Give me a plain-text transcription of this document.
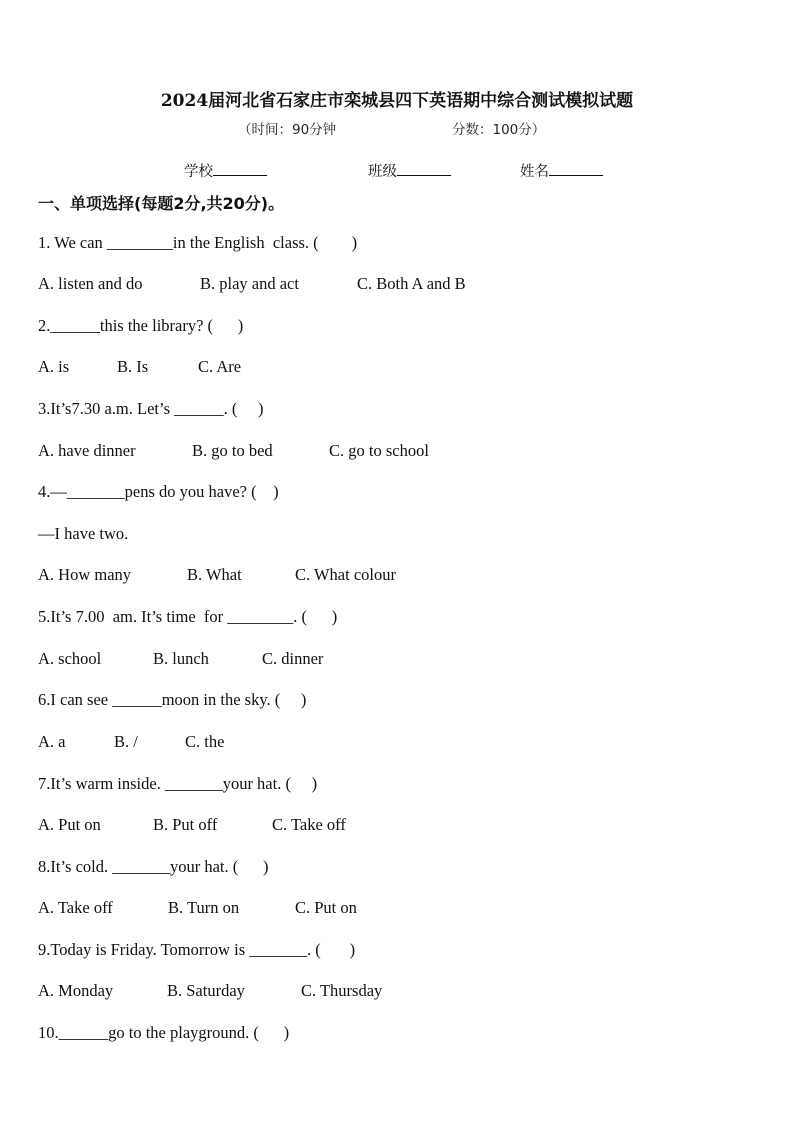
2024届河北省石家庄市栾城县四下英语期中综合测试模拟试题
（时间：90分钟	分数：100分）
学校	班级	姓名
一、单项选择(每题2分,共20分)。
1. We can ________in the English  class. (        )
A. listen and do	B. play and act	C. Both A and B
2.______this the library? (      )
A. is	B. Is	C. Are
3.It’s7.30 a.m. Let’s ______. (     )
A. have dinner	B. go to bed	C. go to school
4.—_______pens do you have? (    )
—I have two.
A. How many	B. What	C. What colour
5.It’s 7.00  am. It’s time  for ________. (      )
A. school	B. lunch	C. dinner
6.I can see ______moon in the sky. (     )
A. a	B. /	C. the
7.It’s warm inside. _______your hat. (     )
A. Put on	B. Put off	C. Take off
8.It’s cold. _______your hat. (      )
A. Take off	B. Turn on	C. Put on
9.Today is Friday. Tomorrow is _______. (       )
A. Monday	B. Saturday	C. Thursday
10.______go to the playground. (      )
